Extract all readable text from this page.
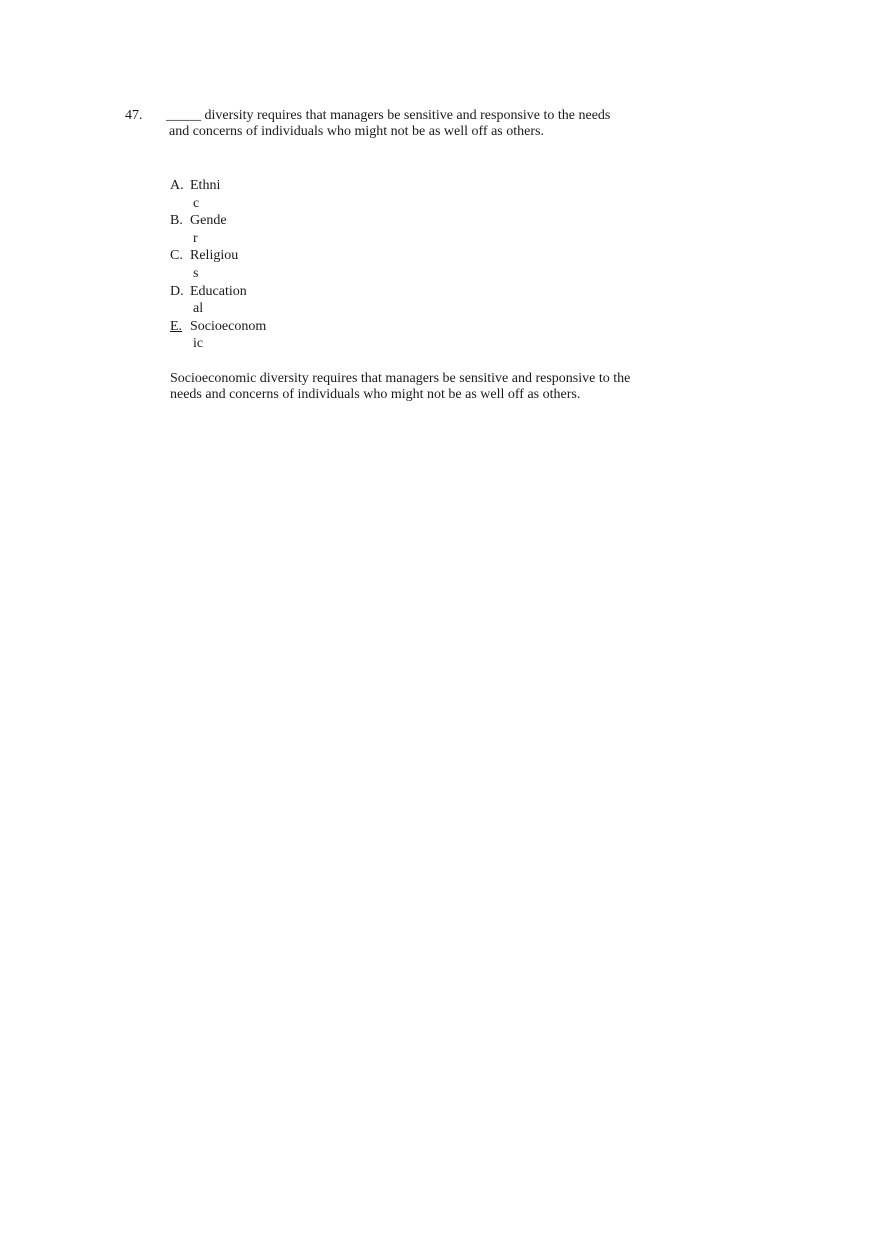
47. _____ diversity requires that managers be sensitive and responsive to the needs
and concerns of individuals who might not be as well off as others.
A. Ethni
c
B. Gende
r
C. Religiou
s
D. Education
al
E. Socioeconom
ic
Socioeconomic diversity requires that managers be sensitive and responsive to the
needs and concerns of individuals who might not be as well off as others.
